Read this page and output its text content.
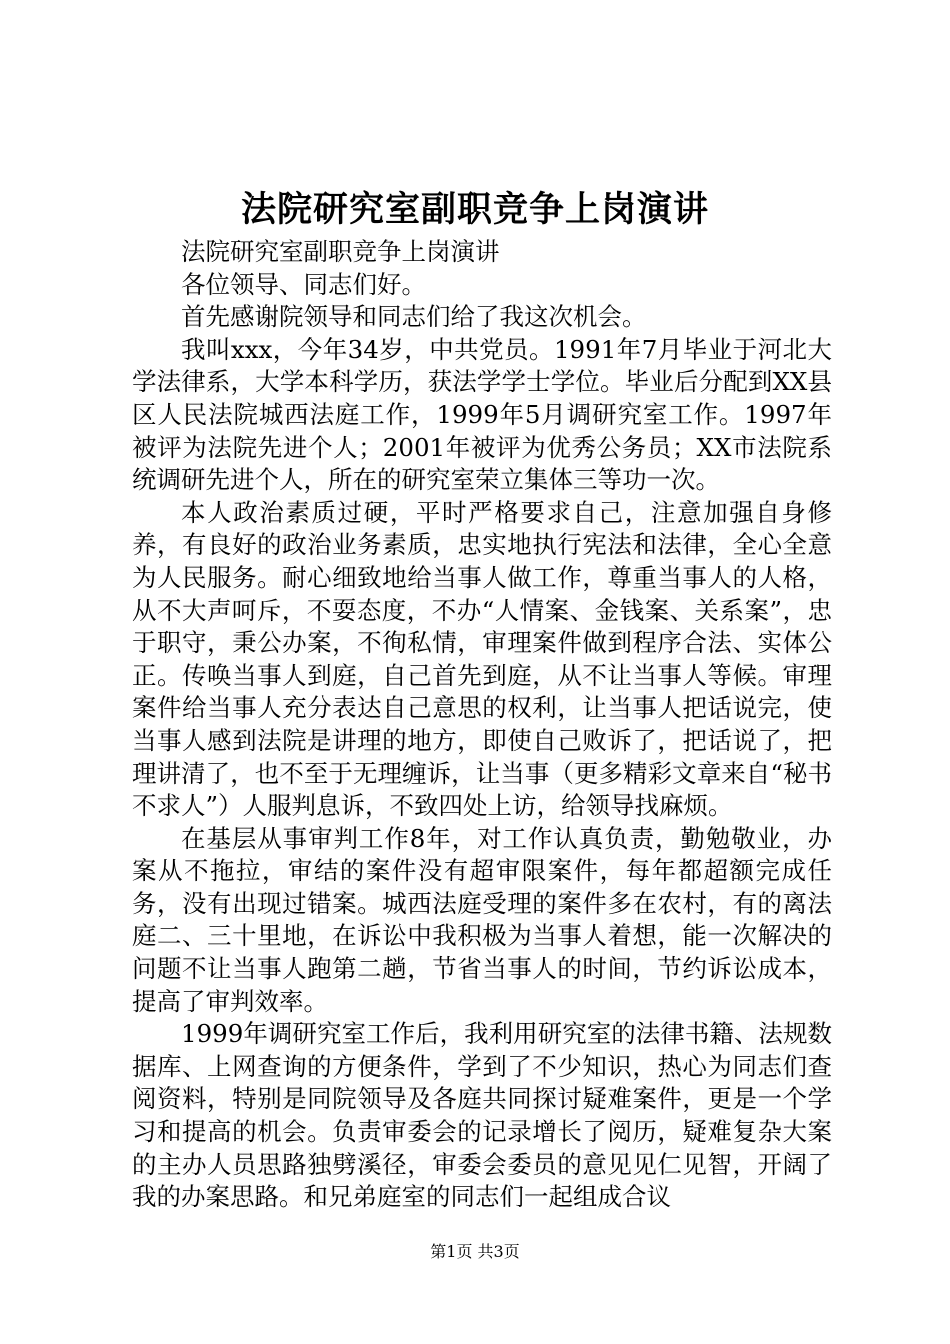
法院研究室副职竞争上岗演讲

法院研究室副职竞争上岗演讲

各位领导、同志们好。

首先感谢院领导和同志们给了我这次机会。

我叫xxx，今年34岁，中共党员。1991年7月毕业于河北大学法律系，大学本科学历，获法学学士学位。毕业后分配到XX县区人民法院城西法庭工作，1999年5月调研究室工作。1997年被评为法院先进个人；2001年被评为优秀公务员；XX市法院系统调研先进个人，所在的研究室荣立集体三等功一次。

本人政治素质过硬，平时严格要求自己，注意加强自身修养，有良好的政治业务素质，忠实地执行宪法和法律，全心全意为人民服务。耐心细致地给当事人做工作，尊重当事人的人格，从不大声呵斥，不耍态度，不办“人情案、金钱案、关系案”，忠于职守，秉公办案，不徇私情，审理案件做到程序合法、实体公正。传唤当事人到庭，自己首先到庭，从不让当事人等候。审理案件给当事人充分表达自己意思的权利，让当事人把话说完，使当事人感到法院是讲理的地方，即使自己败诉了，把话说了，把理讲清了，也不至于无理缠诉，让当事（更多精彩文章来自“秘书不求人”）人服判息诉，不致四处上访，给领导找麻烦。

在基层从事审判工作8年，对工作认真负责，勤勉敬业，办案从不拖拉，审结的案件没有超审限案件，每年都超额完成任务，没有出现过错案。城西法庭受理的案件多在农村，有的离法庭二、三十里地，在诉讼中我积极为当事人着想，能一次解决的问题不让当事人跑第二趟，节省当事人的时间，节约诉讼成本，提高了审判效率。

1999年调研究室工作后，我利用研究室的法律书籍、法规数据库、上网查询的方便条件，学到了不少知识，热心为同志们查阅资料，特别是同院领导及各庭共同探讨疑难案件，更是一个学习和提高的机会。负责审委会的记录增长了阅历，疑难复杂大案的主办人员思路独劈溪径，审委会委员的意见见仁见智，开阔了我的办案思路。和兄弟庭室的同志们一起组成合议

第1页 共3页
